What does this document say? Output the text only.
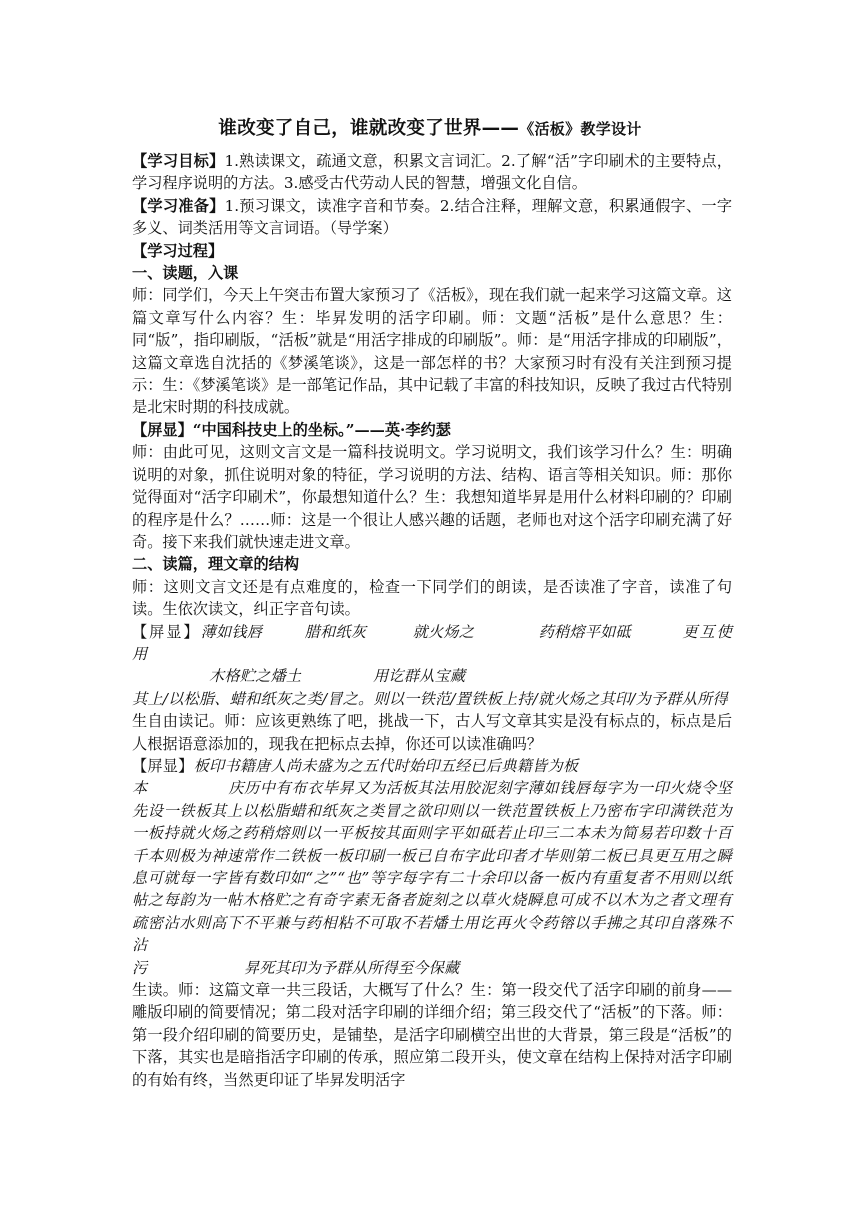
谁改变了自己，谁就改变了世界——《活板》教学设计

【学习目标】1.熟读课文，疏通文意，积累文言词汇。2.了解“活”字印刷术的主要特点，学习程序说明的方法。3.感受古代劳动人民的智慧，增强文化自信。

【学习准备】1.预习课文，读准字音和节奏。2.结合注释，理解文意，积累通假字、一字多义、词类活用等文言词语。（导学案）

【学习过程】

一、读题，入课

师：同学们，今天上午突击布置大家预习了《活板》，现在我们就一起来学习这篇文章。这篇文章写什么内容？生：毕昇发明的活字印刷。师：文题“活板”是什么意思？生：同“版”，指印刷版，“活板”就是“用活字排成的印刷版”。师：是“用活字排成的印刷版”，这篇文章选自沈括的《梦溪笔谈》，这是一部怎样的书？大家预习时有没有关注到预习提示：生：《梦溪笔谈》是一部笔记作品，其中记载了丰富的科技知识，反映了我过古代特别是北宋时期的科技成就。

【屏显】“中国科技史上的坐标。”——英·李约瑟

师：由此可见，这则文言文是一篇科技说明文。学习说明文，我们该学习什么？生：明确说明的对象，抓住说明对象的特征，学习说明的方法、结构、语言等相关知识。师：那你觉得面对“活字印刷术”，你最想知道什么？生：我想知道毕昇是用什么材料印刷的？印刷的程序是什么？……师：这是一个很让人感兴趣的话题，老师也对这个活字印刷充满了好奇。接下来我们就快速走进文章。

二、读篇，理文章的结构

师：这则文言文还是有点难度的，检查一下同学们的朗读，是否读准了字音，读准了句读。生依次读文，纠正字音句读。

【屏显】薄如钱唇	腊和纸灰	就火炀之	药稍熔平如砥	更互使用
木格贮之燔土	用讫群从宝藏

其上/以松脂、蜡和纸灰之类/冒之。则以一铁范/置铁板上持/就火炀之其印/为予群从所得

生自由读记。师：应该更熟练了吧，挑战一下，古人写文章其实是没有标点的，标点是后人根据语意添加的，现我在把标点去掉，你还可以读准确吗？

【屏显】板印书籍唐人尚未盛为之五代时始印五经已后典籍皆为板
本	庆历中有布衣毕昇又为活板其法用胶泥刻字薄如钱唇每字为一印火烧令坚先设一铁板其上以松脂蜡和纸灰之类冒之欲印则以一铁范置铁板上乃密布字印满铁范为一板持就火炀之药稍熔则以一平板按其面则字平如砥若止印三二本未为简易若印数十百千本则极为神速常作二铁板一板印刷一板已自布字此印者才毕则第二板已具更互用之瞬息可就每一字皆有数印如“之”“也”等字每字有二十余印以备一板内有重复者不用则以纸帖之每韵为一帖木格贮之有奇字素无备者旋刻之以草火烧瞬息可成不以木为之者文理有疏密沾水则高下不平兼与药相粘不可取不若燔土用讫再火令药镕以手拂之其印自落殊不沾
污	昇死其印为予群从所得至今保藏

生读。师：这篇文章一共三段话，大概写了什么？生：第一段交代了活字印刷的前身——雕版印刷的简要情况；第二段对活字印刷的详细介绍；第三段交代了“活板”的下落。师：第一段介绍印刷的简要历史，是铺垫，是活字印刷横空出世的大背景，第三段是“活板”的下落，其实也是暗指活字印刷的传承，照应第二段开头，使文章在结构上保持对活字印刷的有始有终，当然更印证了毕昇发明活字
